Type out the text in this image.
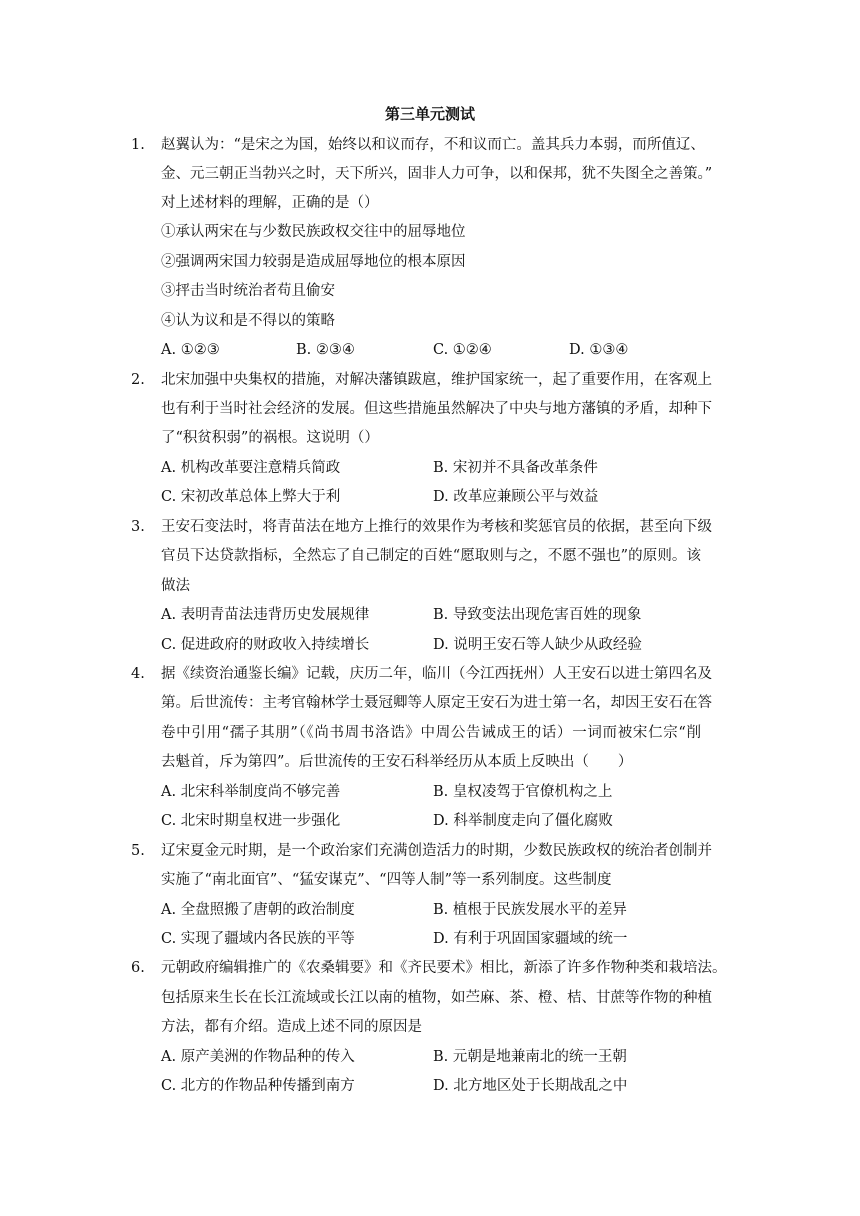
第三单元测试
1. 赵翼认为：“是宋之为国，始终以和议而存，不和议而亡。盖其兵力本弱，而所值辽、
金、元三朝正当勃兴之时，天下所兴，固非人力可争，以和保邦，犹不失图全之善策。”
对上述材料的理解，正确的是（）
①承认两宋在与少数民族政权交往中的屈辱地位
②强调两宋国力较弱是造成屈辱地位的根本原因
③抨击当时统治者苟且偷安
④认为议和是不得以的策略
A. ①②③	B. ②③④	C. ①②④	D. ①③④
2. 北宋加强中央集权的措施，对解决藩镇跋扈，维护国家统一，起了重要作用，在客观上
也有利于当时社会经济的发展。但这些措施虽然解决了中央与地方藩镇的矛盾，却种下
了“积贫积弱”的祸根。这说明（）
A. 机构改革要注意精兵简政	B. 宋初并不具备改革条件
C. 宋初改革总体上弊大于利	D. 改革应兼顾公平与效益
3. 王安石变法时，将青苗法在地方上推行的效果作为考核和奖惩官员的依据，甚至向下级
官员下达贷款指标，全然忘了自己制定的百姓“愿取则与之，不愿不强也”的原则。该
做法
A. 表明青苗法违背历史发展规律	B. 导致变法出现危害百姓的现象
C. 促进政府的财政收入持续增长	D. 说明王安石等人缺少从政经验
4. 据《续资治通鉴长编》记载，庆历二年，临川（今江西抚州）人王安石以进士第四名及
第。后世流传：主考官翰林学士聂冠卿等人原定王安石为进士第一名，却因王安石在答
卷中引用“孺子其朋”（《尚书周书洛诰》中周公告诫成王的话）一词而被宋仁宗“削
去魁首，斥为第四”。后世流传的王安石科举经历从本质上反映出（　　）
A. 北宋科举制度尚不够完善	B. 皇权凌驾于官僚机构之上
C. 北宋时期皇权进一步强化	D. 科举制度走向了僵化腐败
5. 辽宋夏金元时期，是一个政治家们充满创造活力的时期，少数民族政权的统治者创制并
实施了“南北面官”、“猛安谋克”、“四等人制”等一系列制度。这些制度
A. 全盘照搬了唐朝的政治制度	B. 植根于民族发展水平的差异
C. 实现了疆域内各民族的平等	D. 有利于巩固国家疆域的统一
6. 元朝政府编辑推广的《农桑辑要》和《齐民要术》相比，新添了许多作物种类和栽培法。
包括原来生长在长江流域或长江以南的植物，如苎麻、茶、橙、桔、甘蔗等作物的种植
方法，都有介绍。造成上述不同的原因是
A. 原产美洲的作物品种的传入	B. 元朝是地兼南北的统一王朝
C. 北方的作物品种传播到南方	D. 北方地区处于长期战乱之中
